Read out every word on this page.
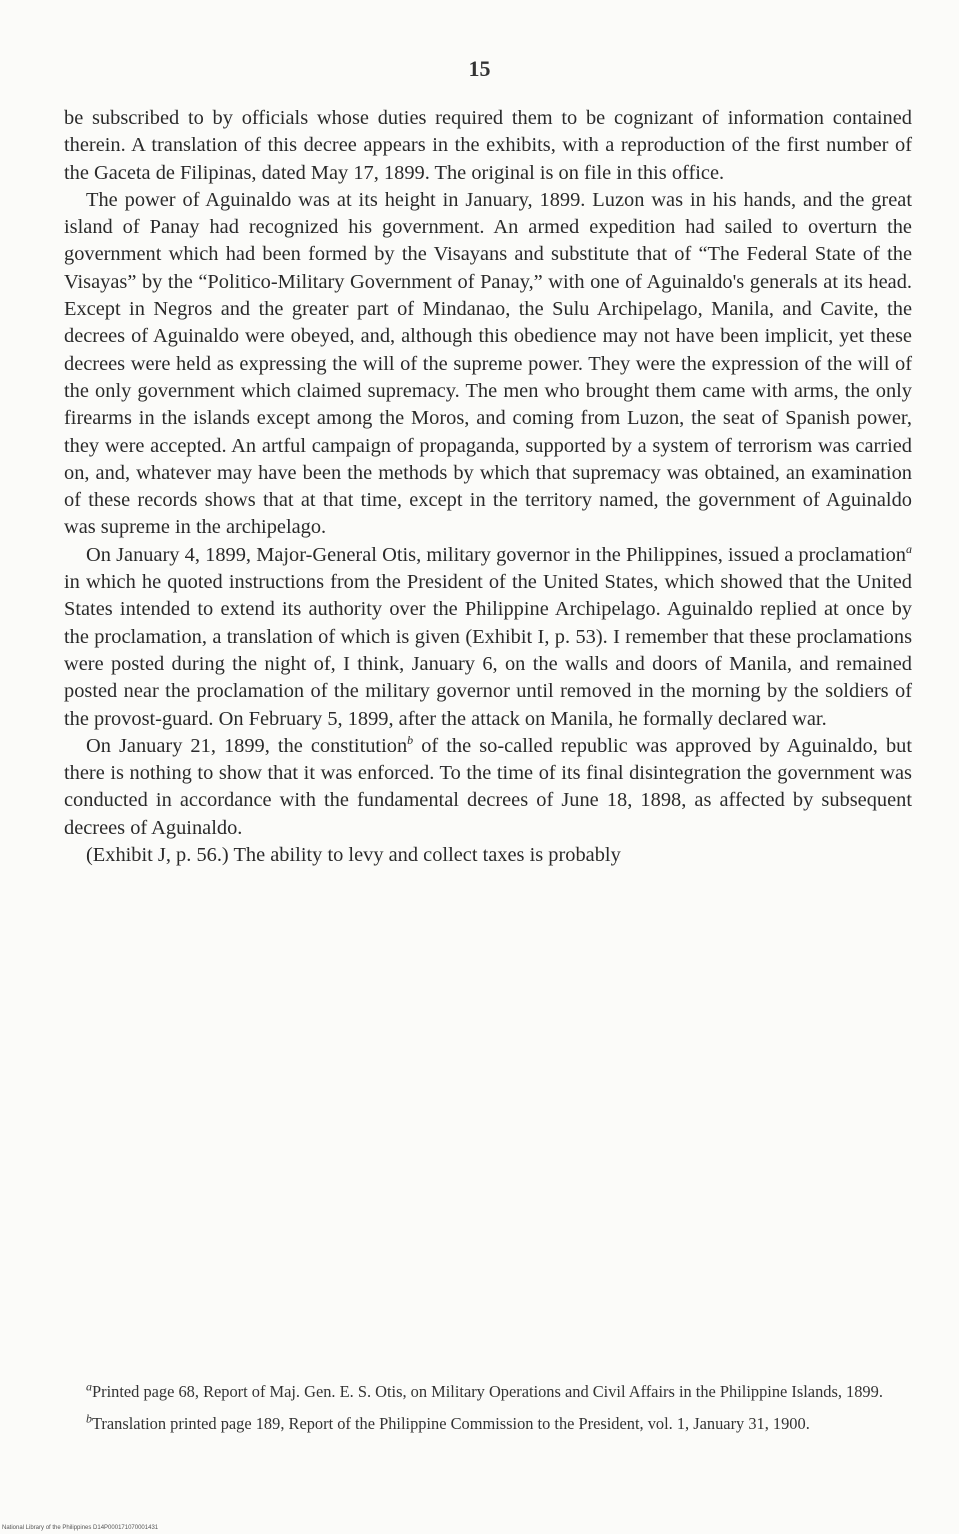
15

be subscribed to by officials whose duties required them to be cognizant of information contained therein. A translation of this decree appears in the exhibits, with a reproduction of the first number of the Gaceta de Filipinas, dated May 17, 1899. The original is on file in this office.

The power of Aguinaldo was at its height in January, 1899. Luzon was in his hands, and the great island of Panay had recognized his government. An armed expedition had sailed to overturn the government which had been formed by the Visayans and substitute that of “The Federal State of the Visayas” by the “Politico-Military Government of Panay,” with one of Aguinaldo's generals at its head. Except in Negros and the greater part of Mindanao, the Sulu Archipelago, Manila, and Cavite, the decrees of Aguinaldo were obeyed, and, although this obedience may not have been implicit, yet these decrees were held as expressing the will of the supreme power. They were the expression of the will of the only government which claimed supremacy. The men who brought them came with arms, the only firearms in the islands except among the Moros, and coming from Luzon, the seat of Spanish power, they were accepted. An artful campaign of propaganda, supported by a system of terrorism was carried on, and, whatever may have been the methods by which that supremacy was obtained, an examination of these records shows that at that time, except in the territory named, the government of Aguinaldo was supreme in the archipelago.

On January 4, 1899, Major-General Otis, military governor in the Philippines, issued a proclamation$^a$ in which he quoted instructions from the President of the United States, which showed that the United States intended to extend its authority over the Philippine Archipelago. Aguinaldo replied at once by the proclamation, a translation of which is given (Exhibit I, p. 53). I remember that these proclamations were posted during the night of, I think, January 6, on the walls and doors of Manila, and remained posted near the proclamation of the military governor until removed in the morning by the soldiers of the provost-guard. On February 5, 1899, after the attack on Manila, he formally declared war.

On January 21, 1899, the constitution$^b$ of the so-called republic was approved by Aguinaldo, but there is nothing to show that it was enforced. To the time of its final disintegration the government was conducted in accordance with the fundamental decrees of June 18, 1898, as affected by subsequent decrees of Aguinaldo.

(Exhibit J, p. 56.) The ability to levy and collect taxes is probably

$^a$Printed page 68, Report of Maj. Gen. E. S. Otis, on Military Operations and Civil Affairs in the Philippine Islands, 1899.

$^b$Translation printed page 189, Report of the Philippine Commission to the President, vol. 1, January 31, 1900.

National Library of the Philippines D14P000171070001431
